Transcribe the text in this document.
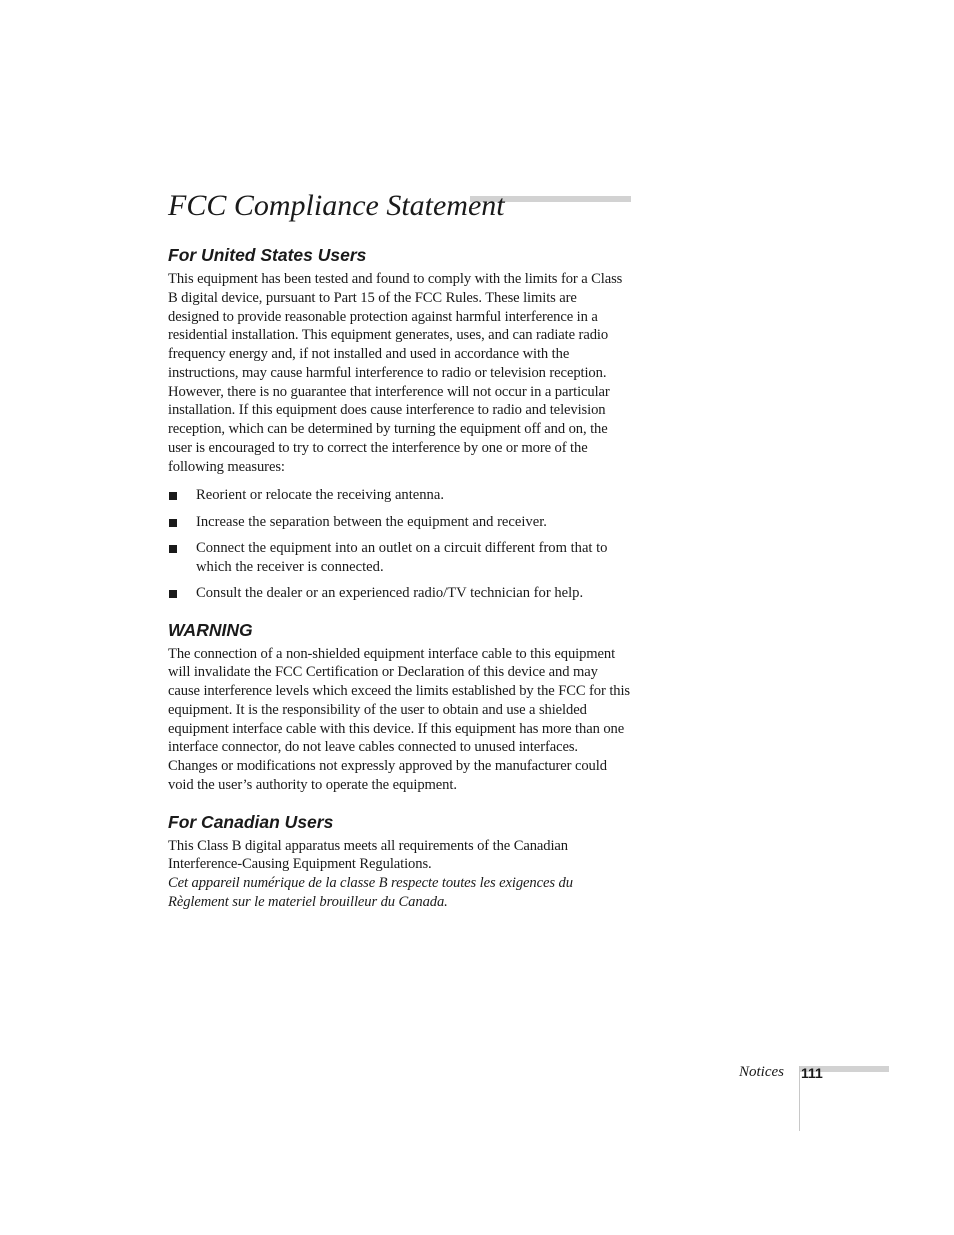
FCC Compliance Statement
For United States Users

This equipment has been tested and found to comply with the limits for a Class B digital device, pursuant to Part 15 of the FCC Rules. These limits are designed to provide reasonable protection against harmful interference in a residential installation. This equipment generates, uses, and can radiate radio frequency energy and, if not installed and used in accordance with the instructions, may cause harmful interference to radio or television reception. However, there is no guarantee that interference will not occur in a particular installation. If this equipment does cause interference to radio and television reception, which can be determined by turning the equipment off and on, the user is encouraged to try to correct the interference by one or more of the following measures:

Reorient or relocate the receiving antenna.
Increase the separation between the equipment and receiver.
Connect the equipment into an outlet on a circuit different from that to which the receiver is connected.
Consult the dealer or an experienced radio/TV technician for help.
WARNING

The connection of a non-shielded equipment interface cable to this equipment will invalidate the FCC Certification or Declaration of this device and may cause interference levels which exceed the limits established by the FCC for this equipment. It is the responsibility of the user to obtain and use a shielded equipment interface cable with this device. If this equipment has more than one interface connector, do not leave cables connected to unused interfaces. Changes or modifications not expressly approved by the manufacturer could void the user’s authority to operate the equipment.

For Canadian Users

This Class B digital apparatus meets all requirements of the Canadian Interference-Causing Equipment Regulations.

Cet appareil numérique de la classe B respecte toutes les exigences du Règlement sur le materiel brouilleur du Canada.

Notices 111
